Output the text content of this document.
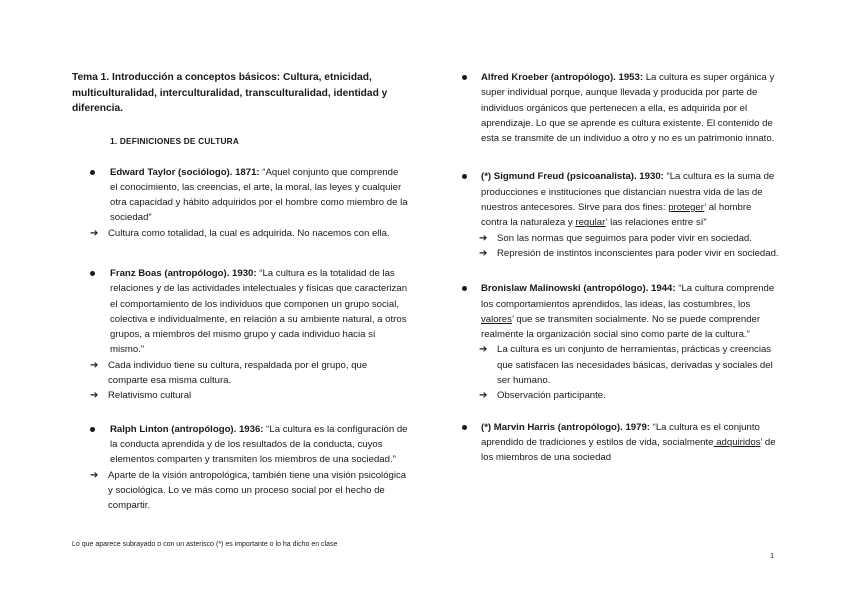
Tema 1. Introducción a conceptos básicos: Cultura, etnicidad, multiculturalidad, interculturalidad, transculturalidad, identidad y diferencia.

1. DEFINICIONES DE CULTURA
Edward Taylor (sociólogo). 1871: “Aquel conjunto que comprende el conocimiento, las creencias, el arte, la moral, las leyes y cualquier otra capacidad y hábito adquiridos por el hombre como miembro de la sociedad”
➔ Cultura como totalidad, la cual es adquirida. No nacemos con ella.
Franz Boas (antropólogo). 1930: “La cultura es la totalidad de las relaciones y de las actividades intelectuales y físicas que caracterizan el comportamiento de los individuos que componen un grupo social, colectiva e individualmente, en relación a su ambiente natural, a otros grupos, a miembros del mismo grupo y cada individuo hacia sí mismo.”
➔ Cada individuo tiene su cultura, respaldada por el grupo, que comparte esa misma cultura.
➔ Relativismo cultural
Ralph Linton (antropólogo). 1936: “La cultura es la configuración de la conducta aprendida y de los resultados de la conducta, cuyos elementos comparten y transmiten los miembros de una sociedad.”
➔ Aparte de la visión antropológica, también tiene una visión psicológica y sociológica. Lo ve más como un proceso social por el hecho de compartir.
Alfred Kroeber (antropólogo). 1953: La cultura es super orgánica y super individual porque, aunque llevada y producida por parte de individuos orgánicos que pertenecen a ella, es adquirida por el aprendizaje. Lo que se aprende es cultura existente. El contenido de esta se transmite de un individuo a otro y no es un patrimonio innato.
(*) Sigmund Freud (psicoanalista). 1930: “La cultura es la suma de producciones e instituciones que distancian nuestra vida de las de nuestros antecesores. Sirve para dos fines: proteger’ al hombre contra la naturaleza y regular’ las relaciones entre sí”
➔ Son las normas que seguimos para poder vivir en sociedad.
➔ Represión de instintos inconscientes para poder vivir en sociedad.
Bronislaw Malinowski (antropólogo). 1944: “La cultura comprende los comportamientos aprendidos, las ideas, las costumbres, los valores’ que se transmiten socialmente. No se puede comprender realmente la organización social sino como parte de la cultura.”
➔ La cultura es un conjunto de herramientas, prácticas y creencias que satisfacen las necesidades básicas, derivadas y sociales del ser humano.
➔ Observación participante.
(*) Marvin Harris (antropólogo). 1979: “La cultura es el conjunto aprendido de tradiciones y estilos de vida, socialmente adquiridos’ de los miembros de una sociedad
Lo que aparece subrayado o con un asterisco (*) es importante o lo ha dicho en clase
1
